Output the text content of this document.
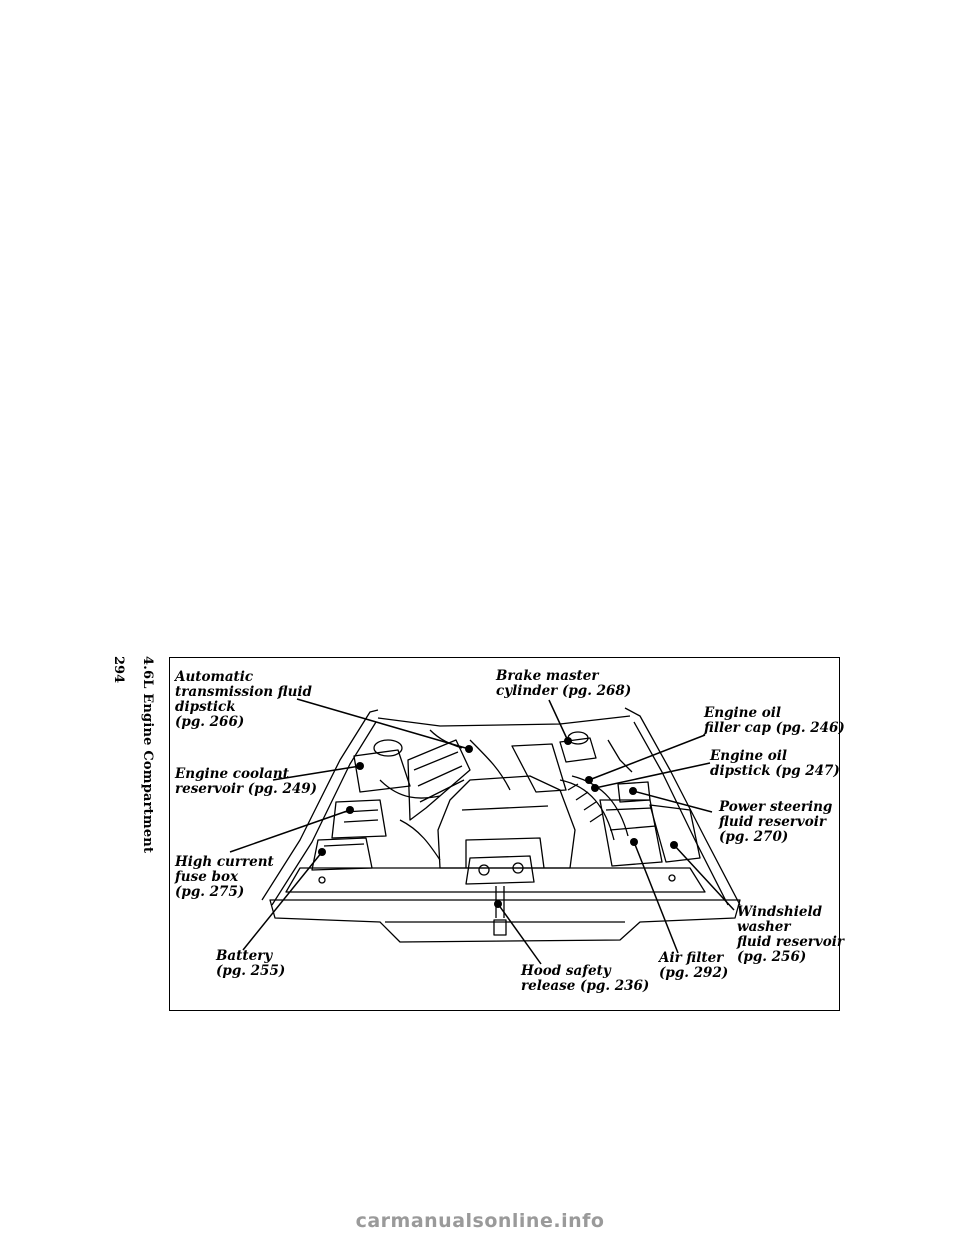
294 4.6L Engine Compartment Automatic
transmission fluid
dipstick
(pg. 266)
Engine coolant
reservoir (pg. 249)
High current
fuse box
(pg. 275)
Battery
(pg. 255)
Brake master
cylinder (pg. 268)
Engine oil
filler cap (pg. 246)
Engine oil
dipstick (pg 247)
Power steering
fluid reservoir
(pg. 270)
Windshield
washer
fluid reservoir
(pg. 256)
Air filter
(pg. 292)
Hood safety
release (pg. 236)
carmanualsonline.info
